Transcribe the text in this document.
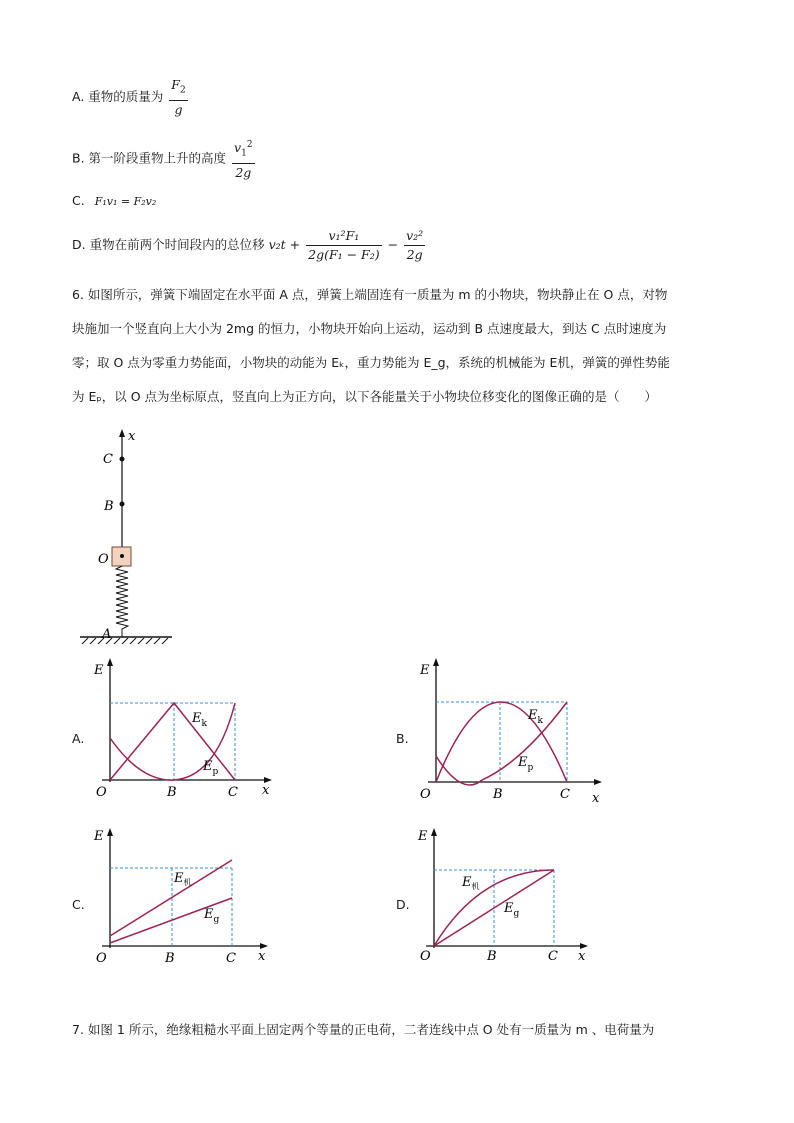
A. 重物的质量为 $\frac{F_2}{g}$
B. 第一阶段重物上升的高度 $\frac{v_1^2}{2g}$
C. F₁v₁ = F₂v₂
D. 重物在前两个时间段内的总位移 $v_2t + \frac{\text{v₁²F₁}}{\text{2g(F₁ − F₂)}} - \frac{\text{v₂²}}{2g}$
6. 如图所示，弹簧下端固定在水平面 A 点，弹簧上端固连有一质量为 m 的小物块，物块静止在 O 点，对物
块施加一个竖直向上大小为 2mg 的恒力，小物块开始向上运动，运动到 B 点速度最大，到达 C 点时速度为
零；取 O 点为零重力势能面，小物块的动能为 Eₖ，重力势能为 E_g，系统的机械能为 E机，弹簧的弹性势能
为 Eₚ，以 O 点为坐标原点，竖直向上为正方向，以下各能量关于小物块位移变化的图像正确的是（　　）
x
C
B
O
A
A.
E
x
O	B	C
$E_k$
$E_p$
B.
E
x
O	B	C
$E_k$
$E_p$
C.
E
x
O	B	C
$E_机$
$E_g$
D.
E
x
O	B	C
$E_机$
$E_g$
7. 如图 1 所示，绝缘粗糙水平面上固定两个等量的正电荷，二者连线中点 O 处有一质量为 m 、电荷量为
